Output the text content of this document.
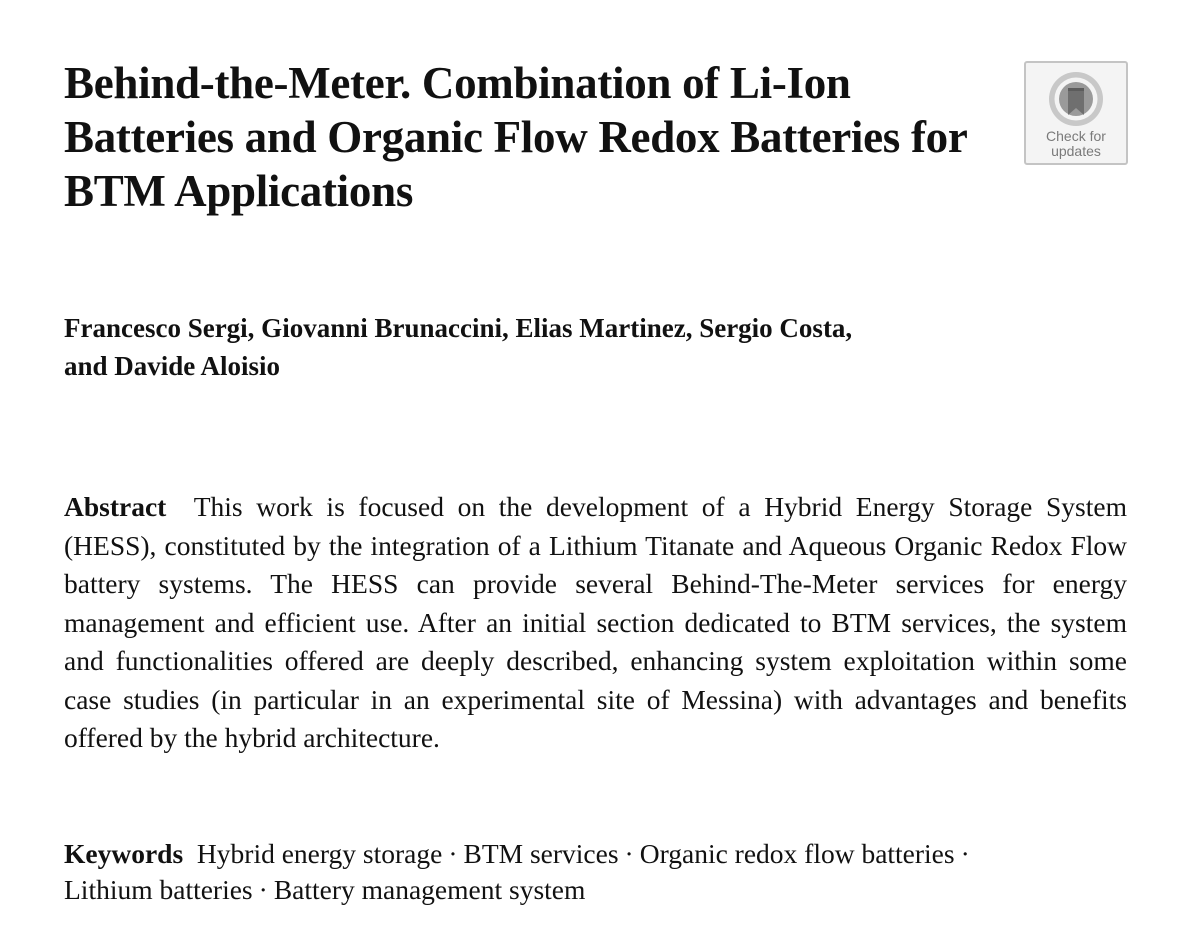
Behind-the-Meter. Combination of Li-Ion Batteries and Organic Flow Redox Batteries for BTM Applications
Check for
updates

Francesco Sergi, Giovanni Brunaccini, Elias Martinez, Sergio Costa,
and Davide Aloisio

Abstract This work is focused on the development of a Hybrid Energy Storage System (HESS), constituted by the integration of a Lithium Titanate and Aqueous Organic Redox Flow battery systems. The HESS can provide several Behind-The-Meter services for energy management and efficient use. After an initial section dedicated to BTM services, the system and functionalities offered are deeply described, enhancing system exploitation within some case studies (in particular in an experimental site of Messina) with advantages and benefits offered by the hybrid architecture.

Keywords Hybrid energy storage · BTM services · Organic redox flow batteries ·
Lithium batteries · Battery management system
